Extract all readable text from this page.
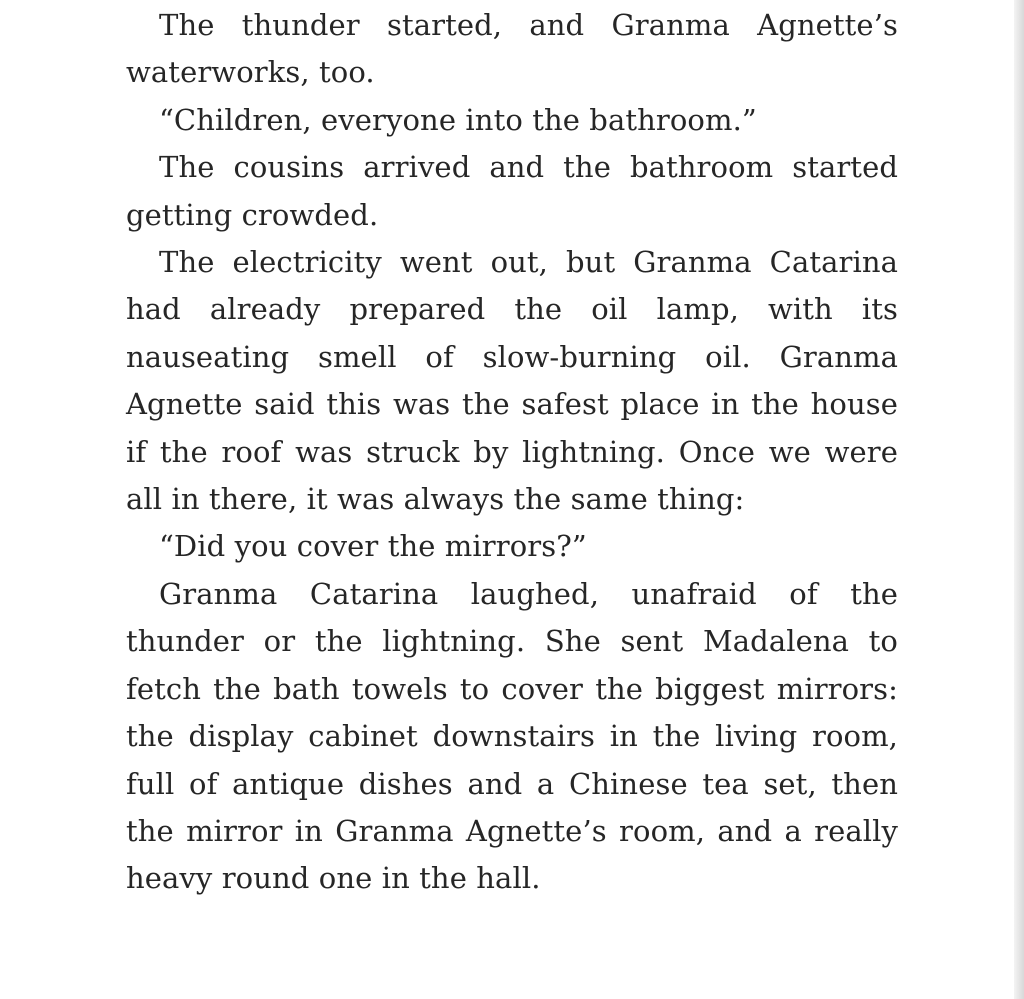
The thunder started, and Granma Agnette’s waterworks, too.

“Children, everyone into the bathroom.”

The cousins arrived and the bathroom started getting crowded.

The electricity went out, but Granma Catarina had already prepared the oil lamp, with its nauseating smell of slow-burning oil. Granma Agnette said this was the safest place in the house if the roof was struck by lightning. Once we were all in there, it was always the same thing:

“Did you cover the mirrors?”

Granma Catarina laughed, unafraid of the thunder or the lightning. She sent Madalena to fetch the bath towels to cover the biggest mirrors: the display cabinet downstairs in the living room, full of antique dishes and a Chinese tea set, then the mirror in Granma Agnette’s room, and a really heavy round one in the hall.
